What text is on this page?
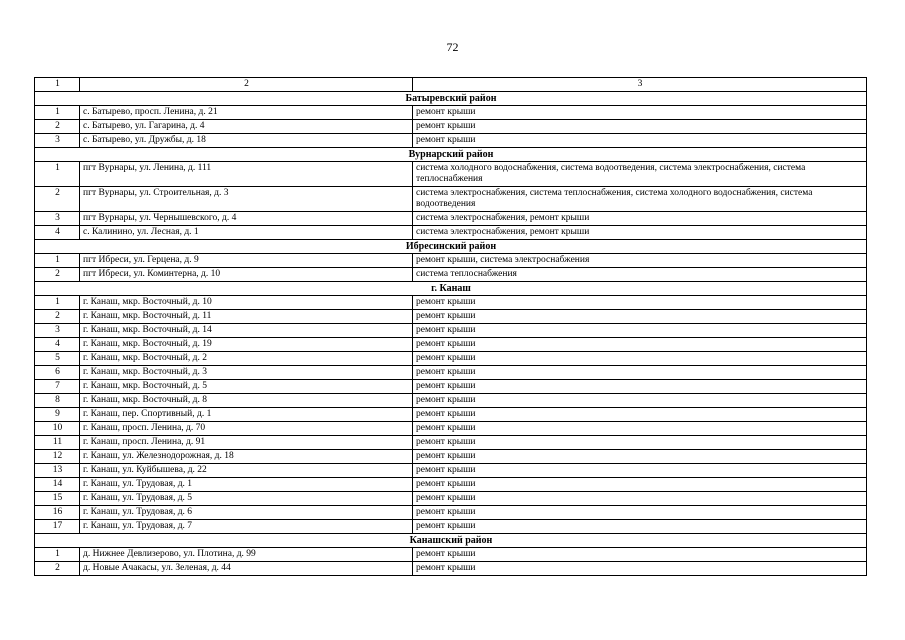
72
1	2	3
Батыревский район		
1	с. Батырево, просп. Ленина, д. 21	ремонт крыши
2	с. Батырево, ул. Гагарина, д. 4	ремонт крыши
3	с. Батырево, ул. Дружбы, д. 18	ремонт крыши
Вурнарский район		
1	пгт Вурнары, ул. Ленина, д. 111	система холодного водоснабжения, система водоотведения, система электроснабжения, система теплоснабжения
2	пгт Вурнары, ул. Строительная, д. 3	система электроснабжения, система теплоснабжения, система холодного водоснабжения, система водоотведения
3	пгт Вурнары, ул. Чернышевского, д. 4	система электроснабжения, ремонт крыши
4	с. Калинино, ул. Лесная, д. 1	система электроснабжения, ремонт крыши
Ибресинский район		
1	пгт Ибреси, ул. Герцена, д. 9	ремонт крыши, система электроснабжения
2	пгт Ибреси, ул. Коминтерна, д. 10	система теплоснабжения
г. Канаш		
1	г. Канаш, мкр. Восточный, д. 10	ремонт крыши
2	г. Канаш, мкр. Восточный, д. 11	ремонт крыши
3	г. Канаш, мкр. Восточный, д. 14	ремонт крыши
4	г. Канаш, мкр. Восточный, д. 19	ремонт крыши
5	г. Канаш, мкр. Восточный, д. 2	ремонт крыши
6	г. Канаш, мкр. Восточный, д. 3	ремонт крыши
7	г. Канаш, мкр. Восточный, д. 5	ремонт крыши
8	г. Канаш, мкр. Восточный, д. 8	ремонт крыши
9	г. Канаш, пер. Спортивный, д. 1	ремонт крыши
10	г. Канаш, просп. Ленина, д. 70	ремонт крыши
11	г. Канаш, просп. Ленина, д. 91	ремонт крыши
12	г. Канаш, ул. Железнодорожная, д. 18	ремонт крыши
13	г. Канаш, ул. Куйбышева, д. 22	ремонт крыши
14	г. Канаш, ул. Трудовая, д. 1	ремонт крыши
15	г. Канаш, ул. Трудовая, д. 5	ремонт крыши
16	г. Канаш, ул. Трудовая, д. 6	ремонт крыши
17	г. Канаш, ул. Трудовая, д. 7	ремонт крыши
Канашский район		
1	д. Нижнее Девлизерово, ул. Плотина, д. 99	ремонт крыши
2	д. Новые Ачакасы, ул. Зеленая, д. 44	ремонт крыши
